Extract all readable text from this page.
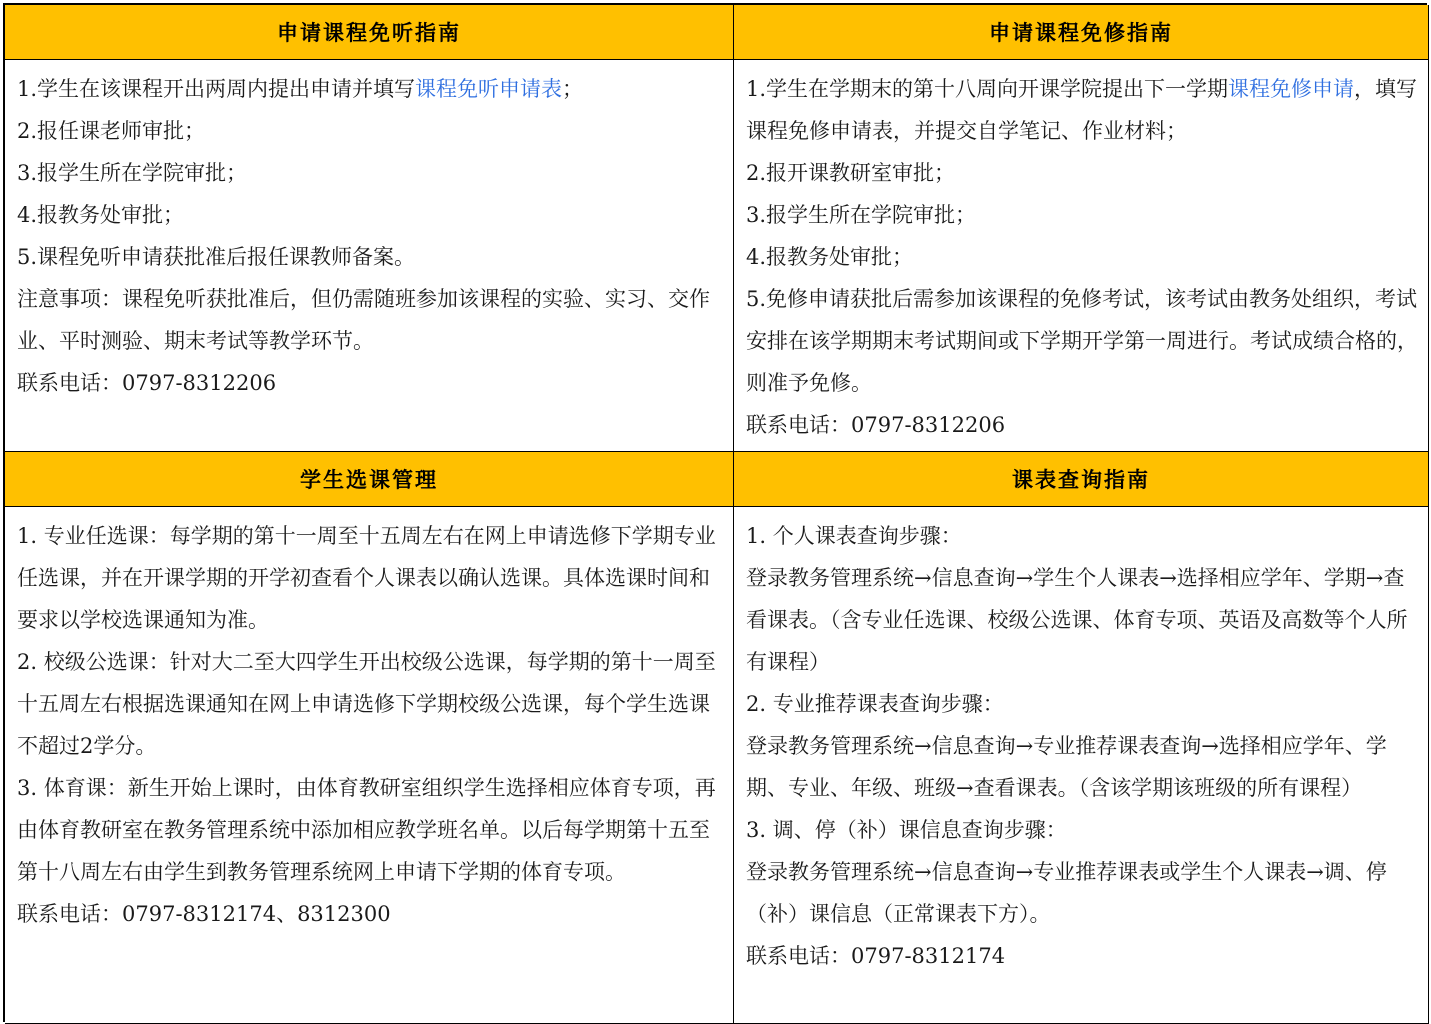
申请课程免听指南	申请课程免修指南

1.学生在该课程开出两周内提出申请并填写课程免听申请表；

2.报任课老师审批；

3.报学生所在学院审批；

4.报教务处审批；

5.课程免听申请获批准后报任课教师备案。

注意事项：课程免听获批准后，但仍需随班参加该课程的实验、实习、交作业、平时测验、期末考试等教学环节。

联系电话：0797-8312206

1.学生在学期末的第十八周向开课学院提出下一学期课程免修申请，填写课程免修申请表，并提交自学笔记、作业材料；

2.报开课教研室审批；

3.报学生所在学院审批；

4.报教务处审批；

5.免修申请获批后需参加该课程的免修考试，该考试由教务处组织，考试安排在该学期期末考试期间或下学期开学第一周进行。考试成绩合格的，则准予免修。

联系电话：0797-8312206

学生选课管理	课表查询指南

1. 专业任选课：每学期的第十一周至十五周左右在网上申请选修下学期专业任选课，并在开课学期的开学初查看个人课表以确认选课。具体选课时间和要求以学校选课通知为准。

2. 校级公选课：针对大二至大四学生开出校级公选课，每学期的第十一周至十五周左右根据选课通知在网上申请选修下学期校级公选课，每个学生选课不超过2学分。

3. 体育课：新生开始上课时，由体育教研室组织学生选择相应体育专项，再由体育教研室在教务管理系统中添加相应教学班名单。以后每学期第十五至第十八周左右由学生到教务管理系统网上申请下学期的体育专项。

联系电话：0797-8312174、8312300

1. 个人课表查询步骤：

登录教务管理系统→信息查询→学生个人课表→选择相应学年、学期→查看课表。（含专业任选课、校级公选课、体育专项、英语及高数等个人所有课程）

2. 专业推荐课表查询步骤：

登录教务管理系统→信息查询→专业推荐课表查询→选择相应学年、学期、专业、年级、班级→查看课表。（含该学期该班级的所有课程）

3. 调、停（补）课信息查询步骤：

登录教务管理系统→信息查询→专业推荐课表或学生个人课表→调、停（补）课信息（正常课表下方）。

联系电话：0797-8312174
